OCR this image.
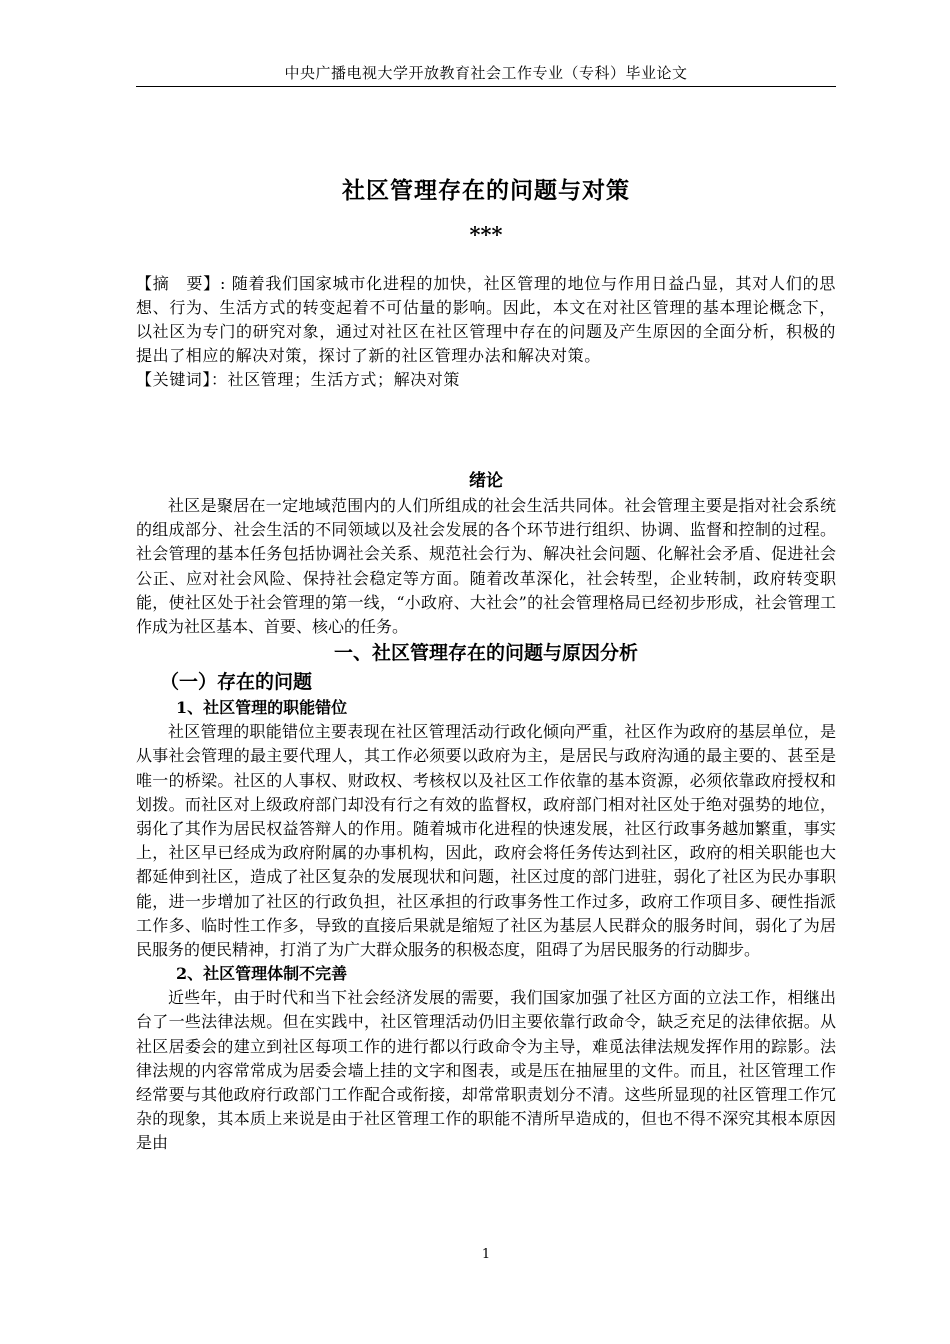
中央广播电视大学开放教育社会工作专业（专科）毕业论文
社区管理存在的问题与对策
***

【摘　要】: 随着我们国家城市化进程的加快，社区管理的地位与作用日益凸显，其对人们的思想、行为、生活方式的转变起着不可估量的影响。因此，本文在对社区管理的基本理论概念下，以社区为专门的研究对象，通过对社区在社区管理中存在的问题及产生原因的全面分析，积极的提出了相应的解决对策，探讨了新的社区管理办法和解决对策。

【关键词】：社区管理；生活方式；解决对策

绪论

社区是聚居在一定地域范围内的人们所组成的社会生活共同体。社会管理主要是指对社会系统的组成部分、社会生活的不同领域以及社会发展的各个环节进行组织、协调、监督和控制的过程。社会管理的基本任务包括协调社会关系、规范社会行为、解决社会问题、化解社会矛盾、促进社会公正、应对社会风险、保持社会稳定等方面。随着改革深化，社会转型，企业转制，政府转变职能，使社区处于社会管理的第一线，“小政府、大社会”的社会管理格局已经初步形成，社会管理工作成为社区基本、首要、核心的任务。

一、社区管理存在的问题与原因分析
（一）存在的问题
1、社区管理的职能错位

社区管理的职能错位主要表现在社区管理活动行政化倾向严重，社区作为政府的基层单位，是从事社会管理的最主要代理人，其工作必须要以政府为主，是居民与政府沟通的最主要的、甚至是唯一的桥梁。社区的人事权、财政权、考核权以及社区工作依靠的基本资源，必须依靠政府授权和划拨。而社区对上级政府部门却没有行之有效的监督权，政府部门相对社区处于绝对强势的地位，弱化了其作为居民权益答辩人的作用。随着城市化进程的快速发展，社区行政事务越加繁重，事实上，社区早已经成为政府附属的办事机构，因此，政府会将任务传达到社区，政府的相关职能也大都延伸到社区，造成了社区复杂的发展现状和问题，社区过度的部门进驻，弱化了社区为民办事职能，进一步增加了社区的行政负担，社区承担的行政事务性工作过多，政府工作项目多、硬性指派工作多、临时性工作多，导致的直接后果就是缩短了社区为基层人民群众的服务时间，弱化了为居民服务的便民精神，打消了为广大群众服务的积极态度，阻碍了为居民服务的行动脚步。

2、社区管理体制不完善

近些年，由于时代和当下社会经济发展的需要，我们国家加强了社区方面的立法工作，相继出台了一些法律法规。但在实践中，社区管理活动仍旧主要依靠行政命令，缺乏充足的法律依据。从社区居委会的建立到社区每项工作的进行都以行政命令为主导，难觅法律法规发挥作用的踪影。法律法规的内容常常成为居委会墙上挂的文字和图表，或是压在抽屉里的文件。而且，社区管理工作经常要与其他政府行政部门工作配合或衔接，却常常职责划分不清。这些所显现的社区管理工作冗杂的现象，其本质上来说是由于社区管理工作的职能不清所早造成的，但也不得不深究其根本原因是由

1
